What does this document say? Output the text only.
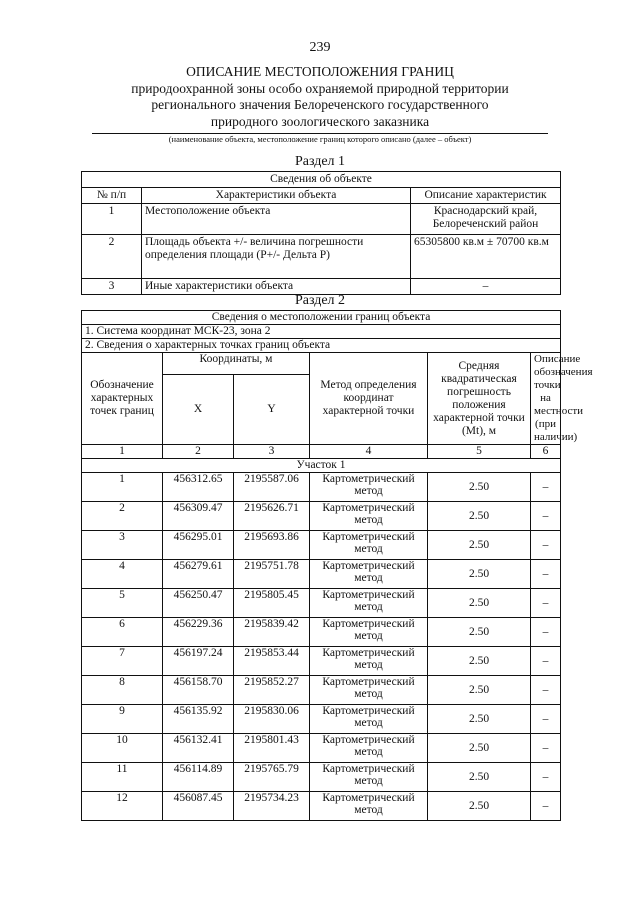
239
ОПИСАНИЕ МЕСТОПОЛОЖЕНИЯ ГРАНИЦ
природоохранной зоны особо охраняемой природной территории
регионального значения Белореченского государственного
природного зоологического заказника
(наименование объекта, местоположение границ которого описано (далее – объект)
Раздел 1
Сведения об объекте		
№ п/п	Характеристики объекта	Описание характеристик
1	Местоположение объекта	Краснодарский край, Белореченский район
2	Площадь объекта +/- величина погрешности определения площади (P+/- Дельта P)	65305800 кв.м ± 70700 кв.м
3	Иные характеристики объекта	–
Раздел 2
Сведения о местоположении границ объекта					
1. Система координат МСК-23, зона 2					
2. Сведения о характерных точках границ объекта					
Обозначение характерных точек границ	Координаты, м		Метод определения координат характерной точки	Средняя квадратическая погрешность положения характерной точки (Mt), м	Описание обозначения точки на местности (при наличии)
	X	Y			
1	2	3	4	5	6
Участок 1					
1	456312.65	2195587.06	Картометрический метод	2.50	–
2	456309.47	2195626.71	Картометрический метод	2.50	–
3	456295.01	2195693.86	Картометрический метод	2.50	–
4	456279.61	2195751.78	Картометрический метод	2.50	–
5	456250.47	2195805.45	Картометрический метод	2.50	–
6	456229.36	2195839.42	Картометрический метод	2.50	–
7	456197.24	2195853.44	Картометрический метод	2.50	–
8	456158.70	2195852.27	Картометрический метод	2.50	–
9	456135.92	2195830.06	Картометрический метод	2.50	–
10	456132.41	2195801.43	Картометрический метод	2.50	–
11	456114.89	2195765.79	Картометрический метод	2.50	–
12	456087.45	2195734.23	Картометрический метод	2.50	–
